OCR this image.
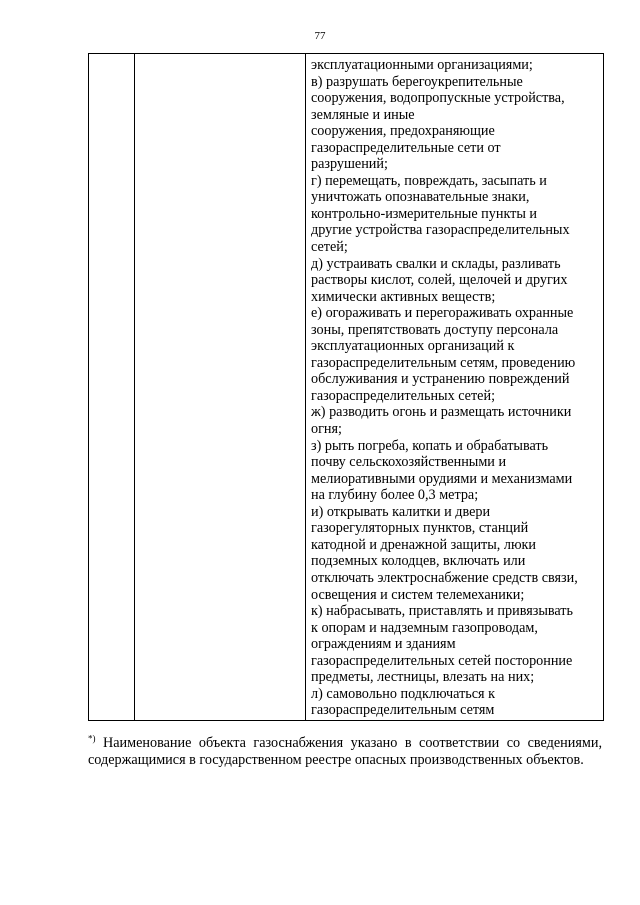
77
эксплуатационными организациями;
в) разрушать берегоукрепительные
сооружения, водопропускные устройства,
земляные и иные
сооружения, предохраняющие
газораспределительные сети от
разрушений;
г) перемещать, повреждать, засыпать и
уничтожать опознавательные знаки,
контрольно-измерительные пункты и
другие устройства газораспределительных
сетей;
д) устраивать свалки и склады, разливать
растворы кислот, солей, щелочей и других
химически активных веществ;
е) огораживать и перегораживать охранные
зоны, препятствовать доступу персонала
эксплуатационных организаций к
газораспределительным сетям, проведению
обслуживания и устранению повреждений
газораспределительных сетей;
ж) разводить огонь и размещать источники
огня;
з) рыть погреба, копать и обрабатывать
почву сельскохозяйственными и
мелиоративными орудиями и механизмами
на глубину более 0,3 метра;
и) открывать калитки и двери
газорегуляторных пунктов, станций
катодной и дренажной защиты, люки
подземных колодцев, включать или
отключать электроснабжение средств связи,
освещения и систем телемеханики;
к) набрасывать, приставлять и привязывать
к опорам и надземным газопроводам,
ограждениям и зданиям
газораспределительных сетей посторонние
предметы, лестницы, влезать на них;
л) самовольно подключаться к
газораспределительным сетям
*) Наименование объекта газоснабжения указано в соответствии со сведениями, содержащимися в государственном реестре опасных производственных объектов.
